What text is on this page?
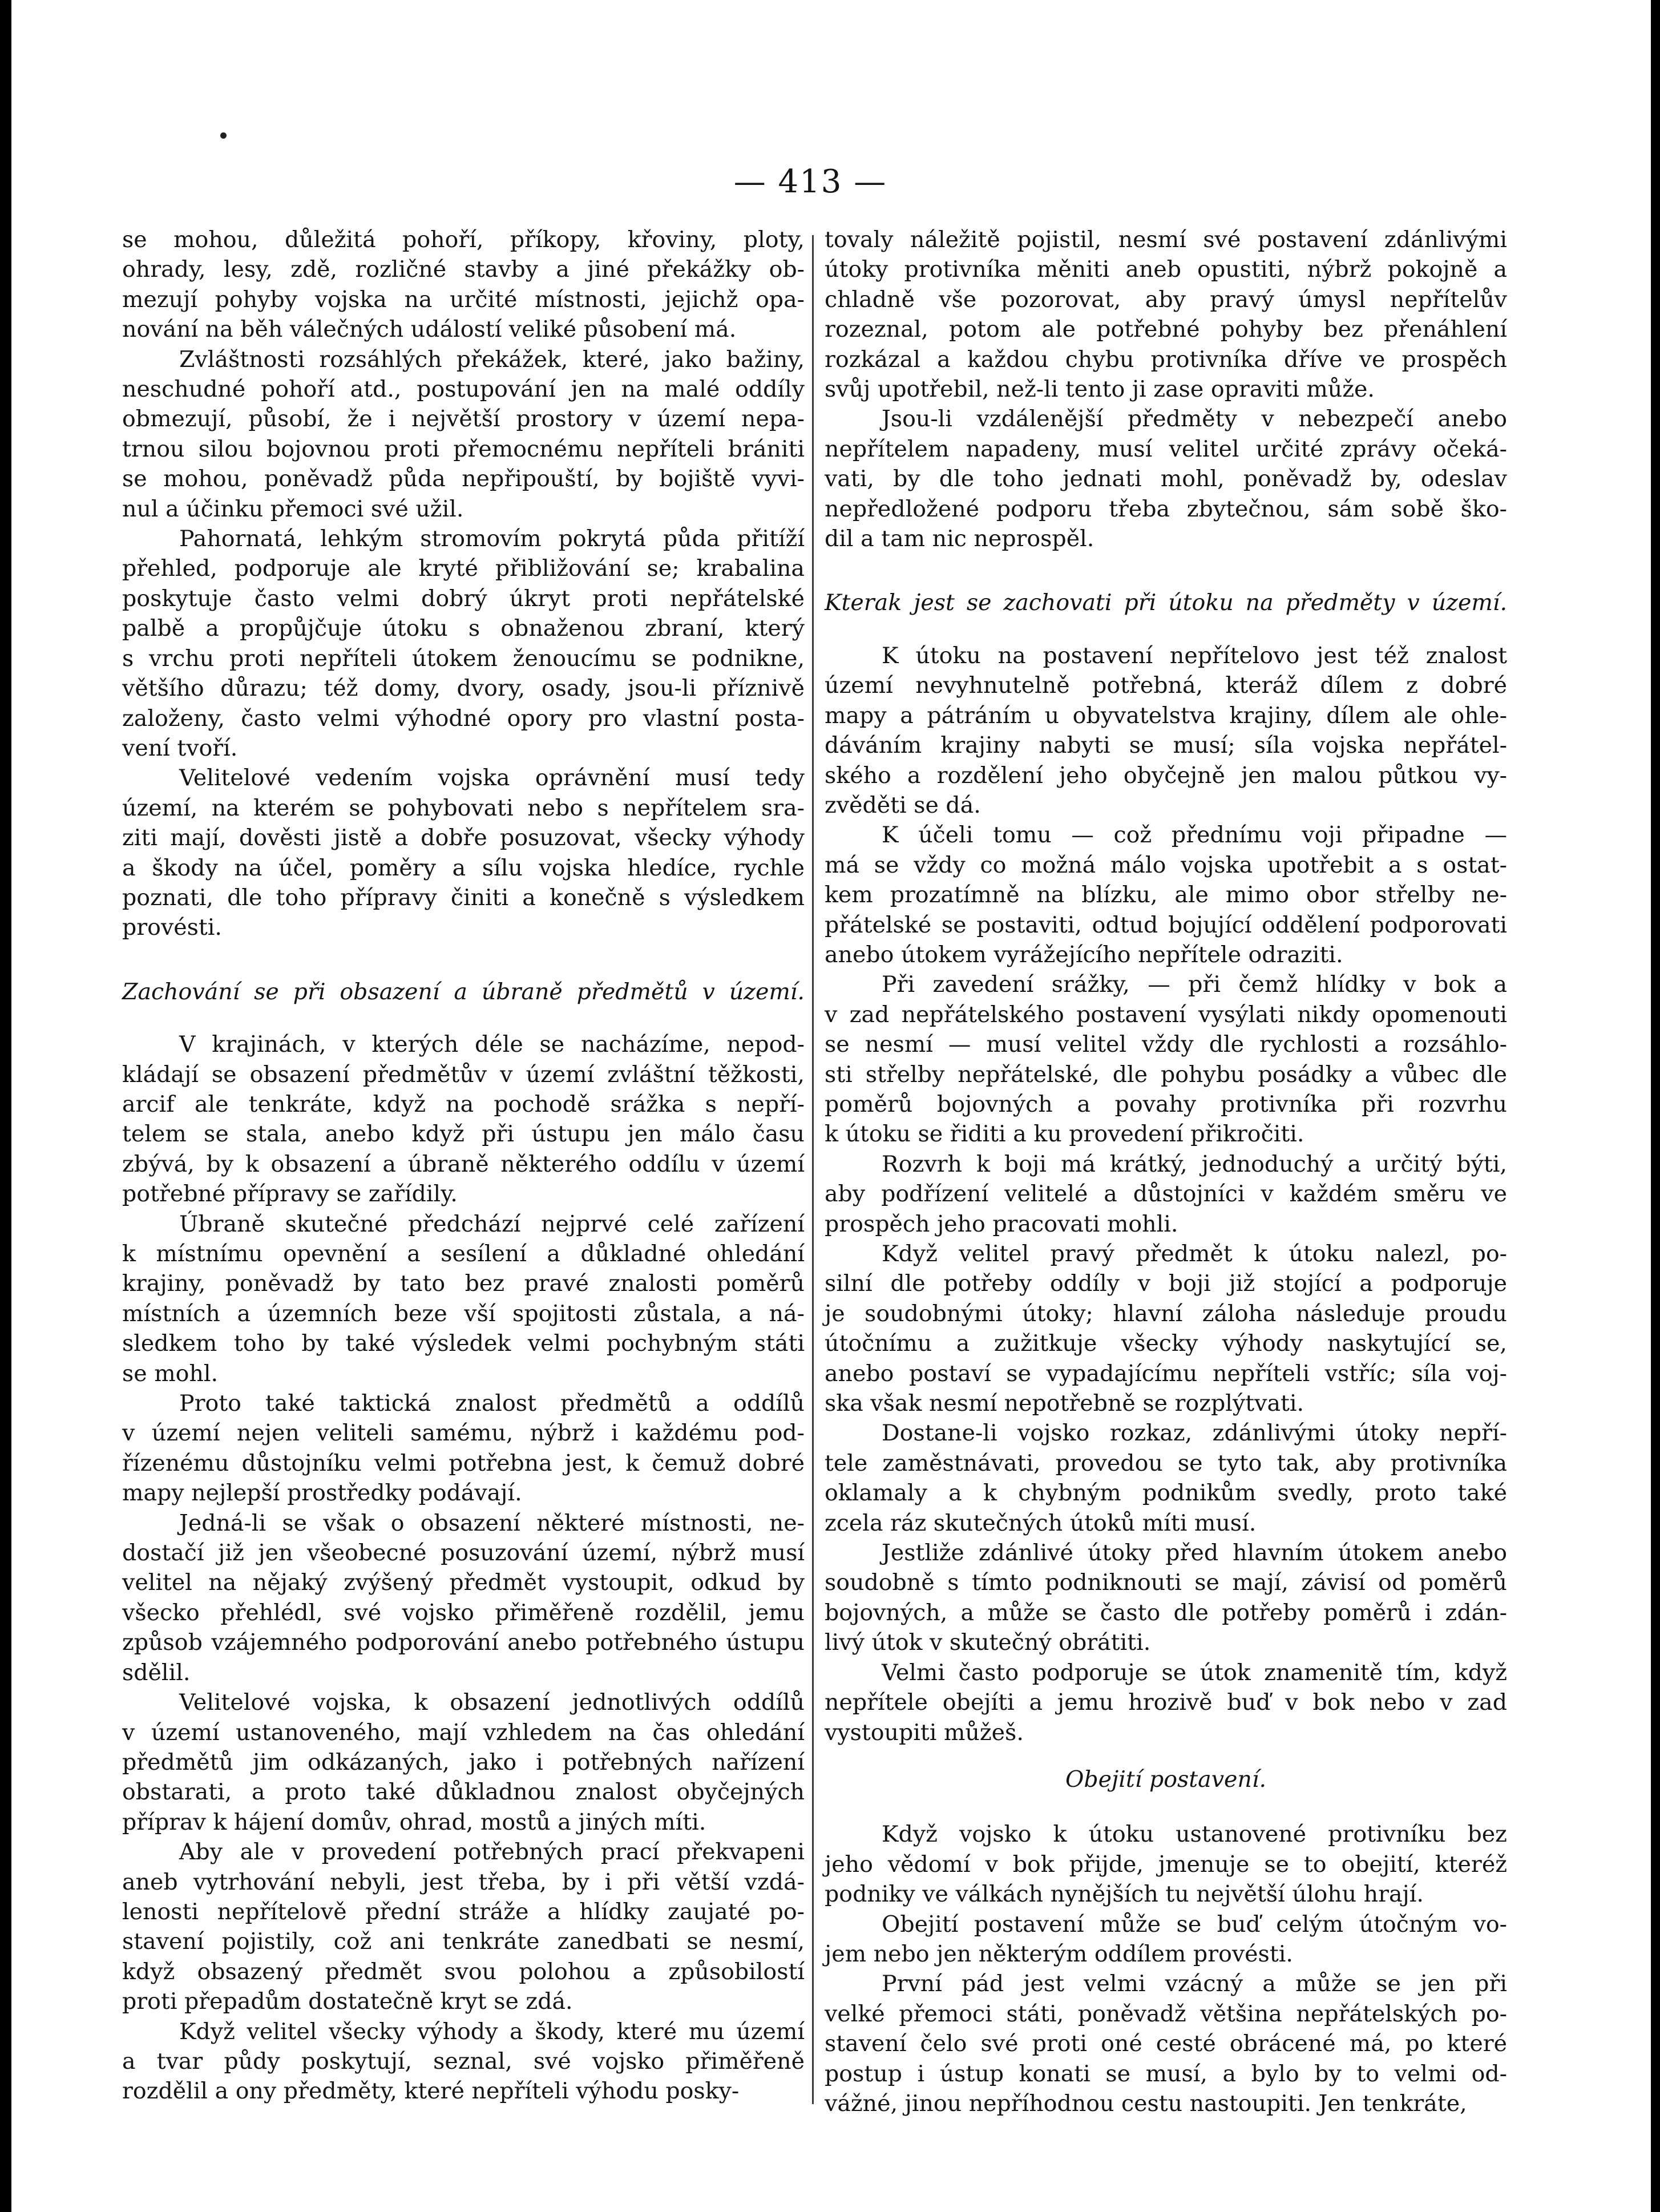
— 413 —
se mohou, důležitá pohoří, příkopy, křoviny, ploty,
ohrady, lesy, zdě, rozličné stavby a jiné překážky ob-
mezují pohyby vojska na určité místnosti, jejichž opa-
nování na běh válečných událostí veliké působení má.
Zvláštnosti rozsáhlých překážek, které, jako bažiny,
neschudné pohoří atd., postupování jen na malé oddíly
obmezují, působí, že i největší prostory v území nepa-
trnou silou bojovnou proti přemocnému nepříteli brániti
se mohou, poněvadž půda nepřipouští, by bojiště vyvi-
nul a účinku přemoci své užil.
Pahornatá, lehkým stromovím pokrytá půda přitíží
přehled, podporuje ale kryté přibližování se; krabalina
poskytuje často velmi dobrý úkryt proti nepřátelské
palbě a propůjčuje útoku s obnaženou zbraní, který
s vrchu proti nepříteli útokem ženoucímu se podnikne,
většího důrazu; též domy, dvory, osady, jsou-li příznivě
založeny, často velmi výhodné opory pro vlastní posta-
vení tvoří.
Velitelové vedením vojska oprávnění musí tedy
území, na kterém se pohybovati nebo s nepřítelem sra-
ziti mají, dověsti jistě a dobře posuzovat, všecky výhody
a škody na účel, poměry a sílu vojska hledíce, rychle
poznati, dle toho přípravy činiti a konečně s výsledkem
provésti.
Zachování se při obsazení a úbraně předmětů v území.
V krajinách, v kterých déle se nacházíme, nepod-
kládají se obsazení předmětův v území zvláštní těžkosti,
arcif ale tenkráte, když na pochodě srážka s nepří-
telem se stala, anebo když při ústupu jen málo času
zbývá, by k obsazení a úbraně některého oddílu v území
potřebné přípravy se zařídily.
Úbraně skutečné předchází nejprvé celé zařízení
k místnímu opevnění a sesílení a důkladné ohledání
krajiny, poněvadž by tato bez pravé znalosti poměrů
místních a územních beze vší spojitosti zůstala, a ná-
sledkem toho by také výsledek velmi pochybným státi
se mohl.
Proto také taktická znalost předmětů a oddílů
v území nejen veliteli samému, nýbrž i každému pod-
řízenému důstojníku velmi potřebna jest, k čemuž dobré
mapy nejlepší prostředky podávají.
Jedná-li se však o obsazení některé místnosti, ne-
dostačí již jen všeobecné posuzování území, nýbrž musí
velitel na nějaký zvýšený předmět vystoupit, odkud by
všecko přehlédl, své vojsko přiměřeně rozdělil, jemu
způsob vzájemného podporování anebo potřebného ústupu
sdělil.
Velitelové vojska, k obsazení jednotlivých oddílů
v území ustanoveného, mají vzhledem na čas ohledání
předmětů jim odkázaných, jako i potřebných nařízení
obstarati, a proto také důkladnou znalost obyčejných
příprav k hájení domův, ohrad, mostů a jiných míti.
Aby ale v provedení potřebných prací překvapeni
aneb vytrhování nebyli, jest třeba, by i při větší vzdá-
lenosti nepřítelově přední stráže a hlídky zaujaté po-
stavení pojistily, což ani tenkráte zanedbati se nesmí,
když obsazený předmět svou polohou a způsobilostí
proti přepadům dostatečně kryt se zdá.
Když velitel všecky výhody a škody, které mu území
a tvar půdy poskytují, seznal, své vojsko přiměřeně
rozdělil a ony předměty, které nepříteli výhodu posky-
tovaly náležitě pojistil, nesmí své postavení zdánlivými
útoky protivníka měniti aneb opustiti, nýbrž pokojně a
chladně vše pozorovat, aby pravý úmysl nepřítelův
rozeznal, potom ale potřebné pohyby bez přenáhlení
rozkázal a každou chybu protivníka dříve ve prospěch
svůj upotřebil, než-li tento ji zase opraviti může.
Jsou-li vzdálenější předměty v nebezpečí anebo
nepřítelem napadeny, musí velitel určité zprávy očeká-
vati, by dle toho jednati mohl, poněvadž by, odeslav
nepředložené podporu třeba zbytečnou, sám sobě ško-
dil a tam nic neprospěl.
Kterak jest se zachovati při útoku na předměty v území.
K útoku na postavení nepřítelovo jest též znalost
území nevyhnutelně potřebná, kteráž dílem z dobré
mapy a pátráním u obyvatelstva krajiny, dílem ale ohle-
dáváním krajiny nabyti se musí; síla vojska nepřátel-
ského a rozdělení jeho obyčejně jen malou půtkou vy-
zvěděti se dá.
K účeli tomu — což přednímu voji připadne —
má se vždy co možná málo vojska upotřebit a s ostat-
kem prozatímně na blízku, ale mimo obor střelby ne-
přátelské se postaviti, odtud bojující oddělení podporovati
anebo útokem vyrážejícího nepřítele odraziti.
Při zavedení srážky, — při čemž hlídky v bok a
v zad nepřátelského postavení vysýlati nikdy opomenouti
se nesmí — musí velitel vždy dle rychlosti a rozsáhlo-
sti střelby nepřátelské, dle pohybu posádky a vůbec dle
poměrů bojovných a povahy protivníka při rozvrhu
k útoku se řiditi a ku provedení přikročiti.
Rozvrh k boji má krátký, jednoduchý a určitý býti,
aby podřízení velitelé a důstojníci v každém směru ve
prospěch jeho pracovati mohli.
Když velitel pravý předmět k útoku nalezl, po-
silní dle potřeby oddíly v boji již stojící a podporuje
je soudobnými útoky; hlavní záloha následuje proudu
útočnímu a zužitkuje všecky výhody naskytující se,
anebo postaví se vypadajícímu nepříteli vstříc; síla voj-
ska však nesmí nepotřebně se rozplýtvati.
Dostane-li vojsko rozkaz, zdánlivými útoky nepří-
tele zaměstnávati, provedou se tyto tak, aby protivníka
oklamaly a k chybným podnikům svedly, proto také
zcela ráz skutečných útoků míti musí.
Jestliže zdánlivé útoky před hlavním útokem anebo
soudobně s tímto podniknouti se mají, závisí od poměrů
bojovných, a může se často dle potřeby poměrů i zdán-
livý útok v skutečný obrátiti.
Velmi často podporuje se útok znamenitě tím, když
nepřítele obejíti a jemu hrozivě buď v bok nebo v zad
vystoupiti můžeš.
Obejití postavení.
Když vojsko k útoku ustanovené protivníku bez
jeho vědomí v bok přijde, jmenuje se to obejití, kteréž
podniky ve válkách nynějších tu největší úlohu hrají.
Obejití postavení může se buď celým útočným vo-
jem nebo jen některým oddílem provésti.
První pád jest velmi vzácný a může se jen při
velké přemoci státi, poněvadž většina nepřátelských po-
stavení čelo své proti oné cesté obrácené má, po které
postup i ústup konati se musí, a bylo by to velmi od-
vážné, jinou nepříhodnou cestu nastoupiti. Jen tenkráte,
